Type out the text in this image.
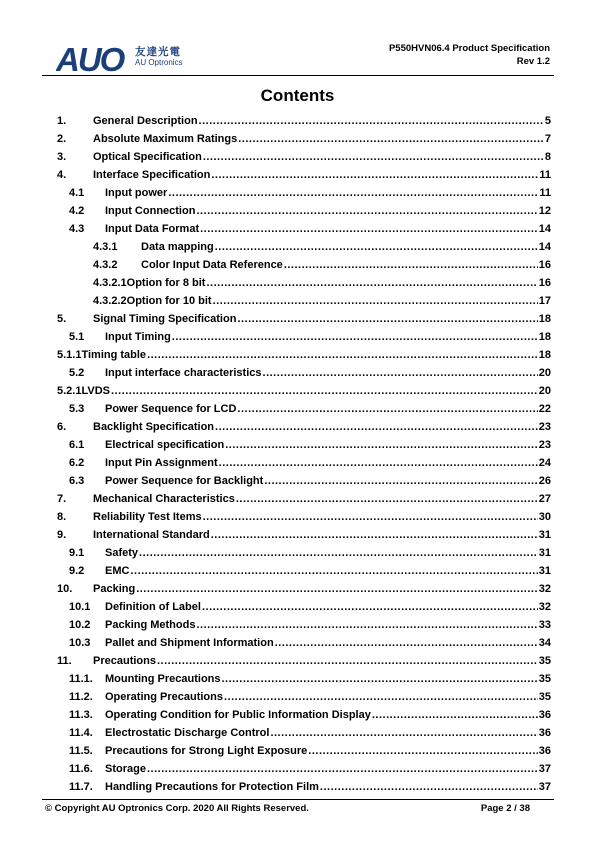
AUO 友達光電
AU Optronics
P550HVN06.4 Product Specification
Rev 1.2
Contents
1.	General Description .....	5
2.	Absolute Maximum Ratings .....	7
3.	Optical Specification .....	8
4.	Interface Specification .....	11
4.1	Input power .....	11
4.2	Input Connection .....	12
4.3	Input Data Format .....	14
4.3.1	Data mapping .....	14
4.3.2	Color Input Data Reference .....	16
4.3.2.1 Option for 8 bit .....	16
4.3.2.2 Option for 10 bit .....	17
5.	Signal Timing Specification .....	18
5.1	Input Timing .....	18
5.1.1 Timing table .....	18
5.2	Input interface characteristics .....	20
5.2.1 LVDS .....	20
5.3	Power Sequence for LCD .....	22
6.	Backlight Specification .....	23
6.1	Electrical specification .....	23
6.2	Input Pin Assignment .....	24
6.3	Power Sequence for Backlight .....	26
7.	Mechanical Characteristics .....	27
8.	Reliability Test Items .....	30
9.	International Standard .....	31
9.1	Safety .....	31
9.2	EMC .....	31
10.	Packing .....	32
10.1	Definition of Label .....	32
10.2	Packing Methods .....	33
10.3	Pallet and Shipment Information .....	34
11.	Precautions .....	35
11.1.	Mounting Precautions .....	35
11.2.	Operating Precautions .....	35
11.3.	Operating Condition for Public Information Display .....	36
11.4.	Electrostatic Discharge Control .....	36
11.5.	Precautions for Strong Light Exposure .....	36
11.6.	Storage .....	37
11.7.	Handling Precautions for Protection Film .....	37
© Copyright AU Optronics Corp. 2020 All Rights Reserved.	Page 2 / 38
